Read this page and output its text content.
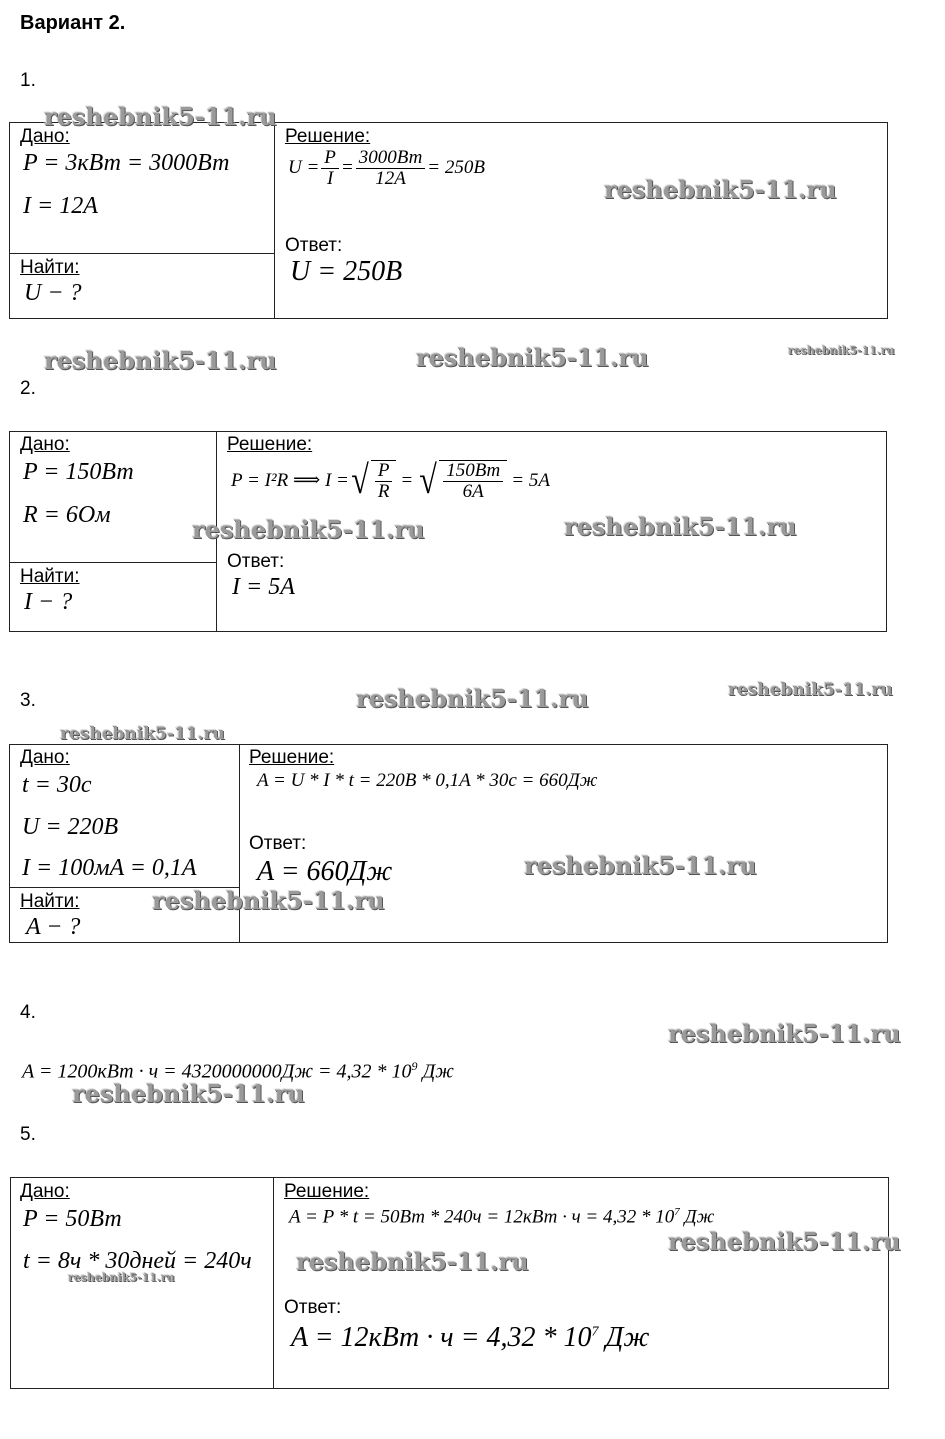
Вариант 2.
1.
Дано:
P = 3кВт = 3000Вт
I = 12A
Найти:
U − ?
Решение:
$U = \frac{P}{I} = \frac{3000Вт}{12A} = 250B$
Ответ:
U = 250B
2.
Дано:
P = 150Вт
R = 6Ом
Найти:
I − ?
Решение:
P = I²R ⟹ I = √ $\frac{P}{R}$ = √ $\frac{150Вт}{6A} = 5A$
Ответ:
I = 5A
3.
Дано:
t = 30c
U = 220B
I = 100мA = 0,1A
Найти:
A − ?
Решение:
A = U * I * t = 220B * 0,1A * 30c = 660Дж
Ответ:
A = 660Дж
4.
$A = 1200кВт \cdot ч = 4320000000Дж = 4,32 * 10^9$ Дж
5.
Дано:
P = 50Вт
t = 8ч * 30дней = 240ч
Решение:
$A = P * t = 50Вт * 240ч = 12кВт \cdot ч = 4,32 * 10^7$ Дж
Ответ:
$A = 12кВт \cdot ч = 4,32 * 10^7$ Дж
reshebnik5-11.ru
reshebnik5-11.ru
reshebnik5-11.ru	reshebnik5-11.ru	reshebnik5-11.ru
reshebnik5-11.ru	reshebnik5-11.ru
reshebnik5-11.ru	reshebnik5-11.ru
reshebnik5-11.ru
reshebnik5-11.ru
reshebnik5-11.ru
reshebnik5-11.ru
reshebnik5-11.ru
reshebnik5-11.ru
reshebnik5-11.ru
reshebnik5-11.ru
